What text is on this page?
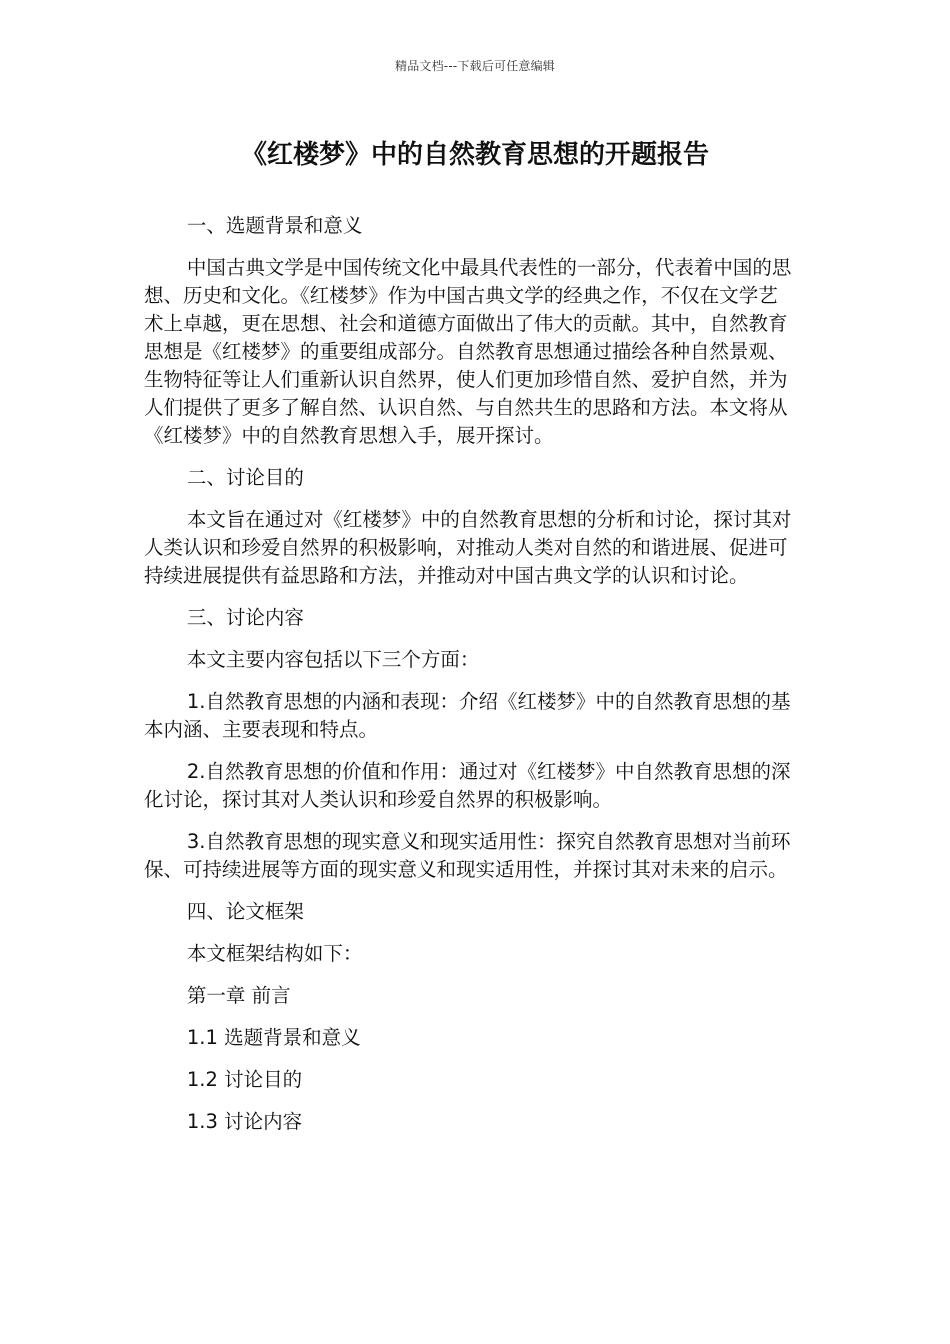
精品文档---下载后可任意编辑
《红楼梦》中的自然教育思想的开题报告

一、选题背景和意义

中国古典文学是中国传统文化中最具代表性的一部分，代表着中国的思想、历史和文化。《红楼梦》作为中国古典文学的经典之作，不仅在文学艺术上卓越，更在思想、社会和道德方面做出了伟大的贡献。其中，自然教育思想是《红楼梦》的重要组成部分。自然教育思想通过描绘各种自然景观、生物特征等让人们重新认识自然界，使人们更加珍惜自然、爱护自然，并为人们提供了更多了解自然、认识自然、与自然共生的思路和方法。本文将从《红楼梦》中的自然教育思想入手，展开探讨。

二、讨论目的

本文旨在通过对《红楼梦》中的自然教育思想的分析和讨论，探讨其对人类认识和珍爱自然界的积极影响，对推动人类对自然的和谐进展、促进可持续进展提供有益思路和方法，并推动对中国古典文学的认识和讨论。

三、讨论内容

本文主要内容包括以下三个方面：

1.自然教育思想的内涵和表现：介绍《红楼梦》中的自然教育思想的基本内涵、主要表现和特点。

2.自然教育思想的价值和作用：通过对《红楼梦》中自然教育思想的深化讨论，探讨其对人类认识和珍爱自然界的积极影响。

3.自然教育思想的现实意义和现实适用性：探究自然教育思想对当前环保、可持续进展等方面的现实意义和现实适用性，并探讨其对未来的启示。

四、论文框架

本文框架结构如下：

第一章 前言

1.1 选题背景和意义

1.2 讨论目的

1.3 讨论内容
